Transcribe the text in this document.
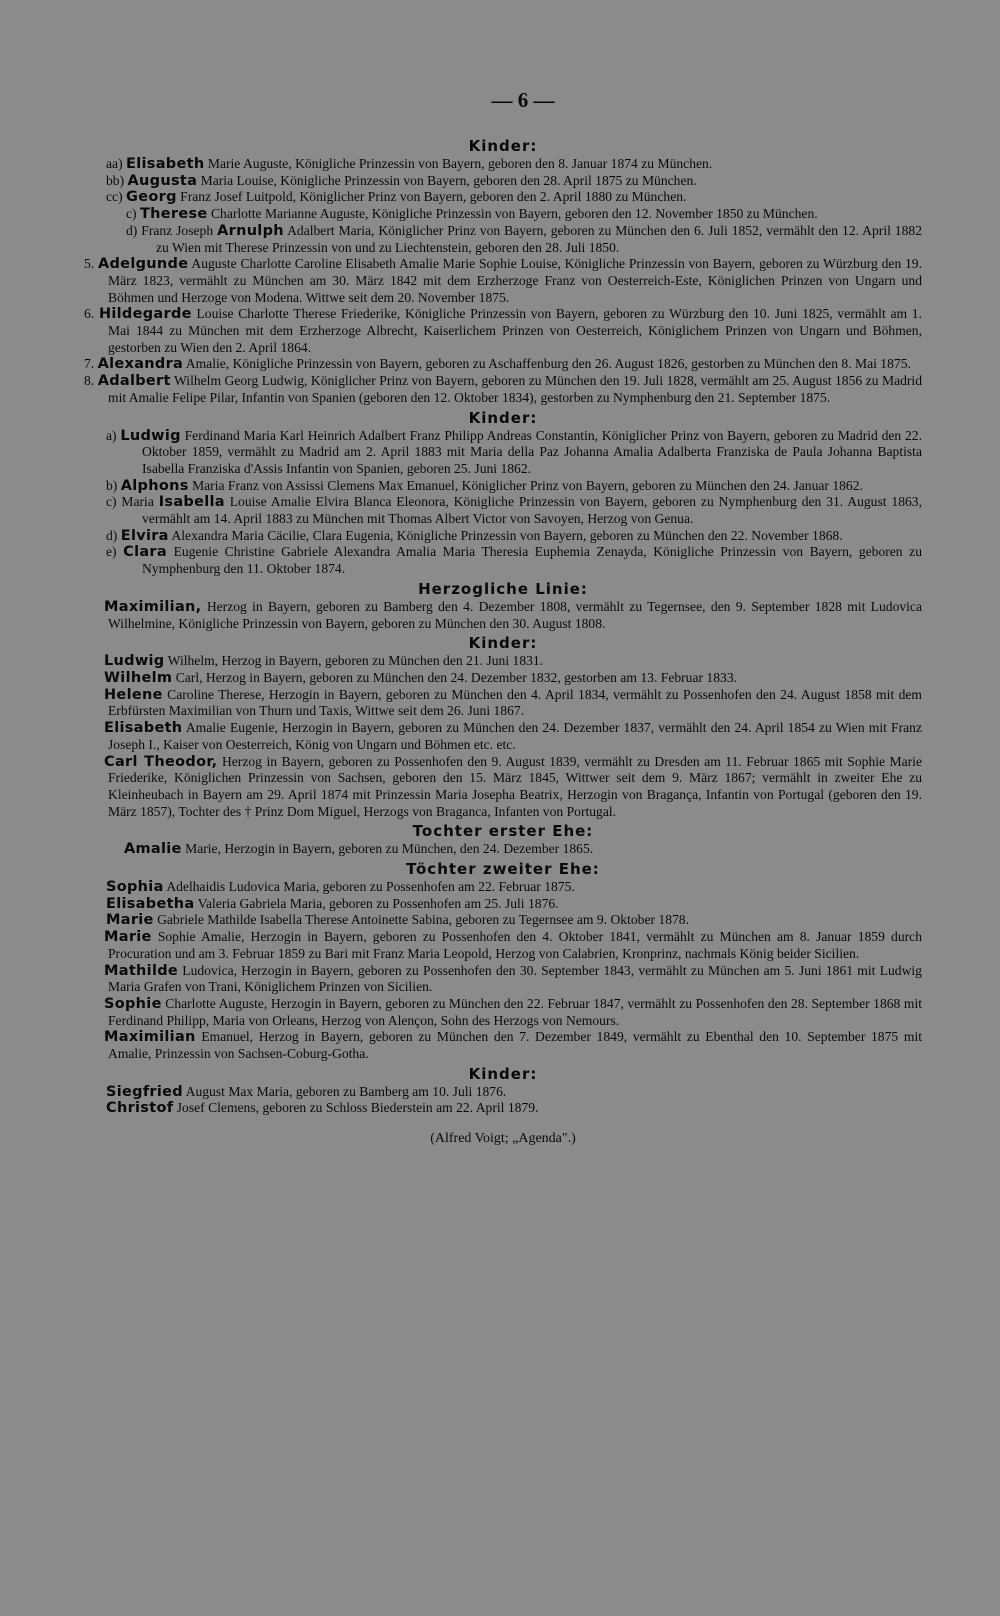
— 6 —
Kinder:
aa) Elisabeth Marie Auguste, Königliche Prinzessin von Bayern, geboren den 8. Januar 1874 zu München.
bb) Augusta Maria Louise, Königliche Prinzessin von Bayern, geboren den 28. April 1875 zu München.
cc) Georg Franz Josef Luitpold, Königlicher Prinz von Bayern, geboren den 2. April 1880 zu München.
c) Therese Charlotte Marianne Auguste, Königliche Prinzessin von Bayern, geboren den 12. November 1850 zu München.
d) Franz Joseph Arnulph Adalbert Maria, Königlicher Prinz von Bayern, geboren zu München den 6. Juli 1852, vermählt den 12. April 1882 zu Wien mit Therese Prinzessin von und zu Liechtenstein, geboren den 28. Juli 1850.
5. Adelgunde Auguste Charlotte Caroline Elisabeth Amalie Marie Sophie Louise, Königliche Prinzessin von Bayern, geboren zu Würzburg den 19. März 1823, vermählt zu München am 30. März 1842 mit dem Erzherzoge Franz von Oesterreich-Este, Königlichen Prinzen von Ungarn und Böhmen und Herzoge von Modena. Wittwe seit dem 20. November 1875.
6. Hildegarde Louise Charlotte Therese Friederike, Königliche Prinzessin von Bayern, geboren zu Würzburg den 10. Juni 1825, vermählt am 1. Mai 1844 zu München mit dem Erzherzoge Albrecht, Kaiserlichem Prinzen von Oesterreich, Königlichem Prinzen von Ungarn und Böhmen, gestorben zu Wien den 2. April 1864.
7. Alexandra Amalie, Königliche Prinzessin von Bayern, geboren zu Aschaffenburg den 26. August 1826, gestorben zu München den 8. Mai 1875.
8. Adalbert Wilhelm Georg Ludwig, Königlicher Prinz von Bayern, geboren zu München den 19. Juli 1828, vermählt am 25. August 1856 zu Madrid mit Amalie Felipe Pilar, Infantin von Spanien (geboren den 12. Oktober 1834), gestorben zu Nymphenburg den 21. September 1875.
Kinder:
a) Ludwig Ferdinand Maria Karl Heinrich Adalbert Franz Philipp Andreas Constantin, Königlicher Prinz von Bayern, geboren zu Madrid den 22. Oktober 1859, vermählt zu Madrid am 2. April 1883 mit Maria della Paz Johanna Amalia Adalberta Franziska de Paula Johanna Baptista Isabella Franziska d'Assis Infantin von Spanien, geboren 25. Juni 1862.
b) Alphons Maria Franz von Assissi Clemens Max Emanuel, Königlicher Prinz von Bayern, geboren zu München den 24. Januar 1862.
c) Maria Isabella Louise Amalie Elvira Blanca Eleonora, Königliche Prinzessin von Bayern, geboren zu Nymphenburg den 31. August 1863, vermählt am 14. April 1883 zu München mit Thomas Albert Victor von Savoyen, Herzog von Genua.
d) Elvira Alexandra Maria Cäcilie, Clara Eugenia, Königliche Prinzessin von Bayern, geboren zu München den 22. November 1868.
e) Clara Eugenie Christine Gabriele Alexandra Amalia Maria Theresia Euphemia Zenayda, Königliche Prinzessin von Bayern, geboren zu Nymphenburg den 11. Oktober 1874.
Herzogliche Linie:
Maximilian, Herzog in Bayern, geboren zu Bamberg den 4. Dezember 1808, vermählt zu Tegernsee, den 9. September 1828 mit Ludovica Wilhelmine, Königliche Prinzessin von Bayern, geboren zu München den 30. August 1808.
Kinder:
Ludwig Wilhelm, Herzog in Bayern, geboren zu München den 21. Juni 1831.
Wilhelm Carl, Herzog in Bayern, geboren zu München den 24. Dezember 1832, gestorben am 13. Februar 1833.
Helene Caroline Therese, Herzogin in Bayern, geboren zu München den 4. April 1834, vermählt zu Possenhofen den 24. August 1858 mit dem Erbfürsten Maximilian von Thurn und Taxis, Wittwe seit dem 26. Juni 1867.
Elisabeth Amalie Eugenie, Herzogin in Bayern, geboren zu München den 24. Dezember 1837, vermählt den 24. April 1854 zu Wien mit Franz Joseph I., Kaiser von Oesterreich, König von Ungarn und Böhmen etc. etc.
Carl Theodor, Herzog in Bayern, geboren zu Possenhofen den 9. August 1839, vermählt zu Dresden am 11. Februar 1865 mit Sophie Marie Friederike, Königlichen Prinzessin von Sachsen, geboren den 15. März 1845, Wittwer seit dem 9. März 1867; vermählt in zweiter Ehe zu Kleinheubach in Bayern am 29. April 1874 mit Prinzessin Maria Josepha Beatrix, Herzogin von Bragança, Infantin von Portugal (geboren den 19. März 1857), Tochter des † Prinz Dom Miguel, Herzogs von Braganca, Infanten von Portugal.
Tochter erster Ehe:
Amalie Marie, Herzogin in Bayern, geboren zu München, den 24. Dezember 1865.
Töchter zweiter Ehe:
Sophia Adelhaidis Ludovica Maria, geboren zu Possenhofen am 22. Februar 1875.
Elisabetha Valeria Gabriela Maria, geboren zu Possenhofen am 25. Juli 1876.
Marie Gabriele Mathilde Isabella Therese Antoinette Sabina, geboren zu Tegernsee am 9. Oktober 1878.
Marie Sophie Amalie, Herzogin in Bayern, geboren zu Possenhofen den 4. Oktober 1841, vermählt zu München am 8. Januar 1859 durch Procuration und am 3. Februar 1859 zu Bari mit Franz Maria Leopold, Herzog von Calabrien, Kronprinz, nachmals König beider Sicilien.
Mathilde Ludovica, Herzogin in Bayern, geboren zu Possenhofen den 30. September 1843, vermählt zu München am 5. Juni 1861 mit Ludwig Maria Grafen von Trani, Königlichem Prinzen von Sicilien.
Sophie Charlotte Auguste, Herzogin in Bayern, geboren zu München den 22. Februar 1847, vermählt zu Possenhofen den 28. September 1868 mit Ferdinand Philipp, Maria von Orleans, Herzog von Alençon, Sohn des Herzogs von Nemours.
Maximilian Emanuel, Herzog in Bayern, geboren zu München den 7. Dezember 1849, vermählt zu Ebenthal den 10. September 1875 mit Amalie, Prinzessin von Sachsen-Coburg-Gotha.
Kinder:
Siegfried August Max Maria, geboren zu Bamberg am 10. Juli 1876.
Christof Josef Clemens, geboren zu Schloss Biederstein am 22. April 1879.
(Alfred Voigt; „Agenda".)
